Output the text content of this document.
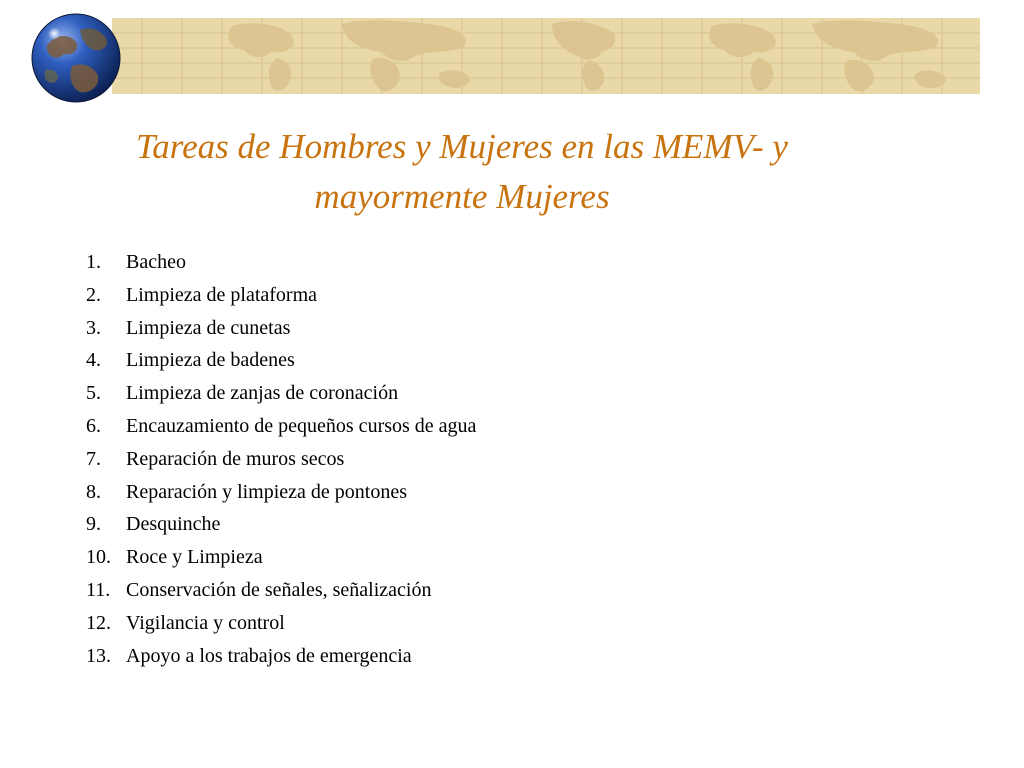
Tareas de Hombres y Mujeres en las MEMV- y
mayormente Mujeres
1.	Bacheo
2.	Limpieza de plataforma
3.	Limpieza de cunetas
4.	Limpieza de badenes
5.	Limpieza de zanjas de coronación
6.	Encauzamiento de pequeños cursos de agua
7.	Reparación de muros secos
8.	Reparación y limpieza de pontones
9.	Desquinche
10. Roce y Limpieza
11. Conservación de señales, señalización
12. Vigilancia y control
13. Apoyo a los trabajos de emergencia
